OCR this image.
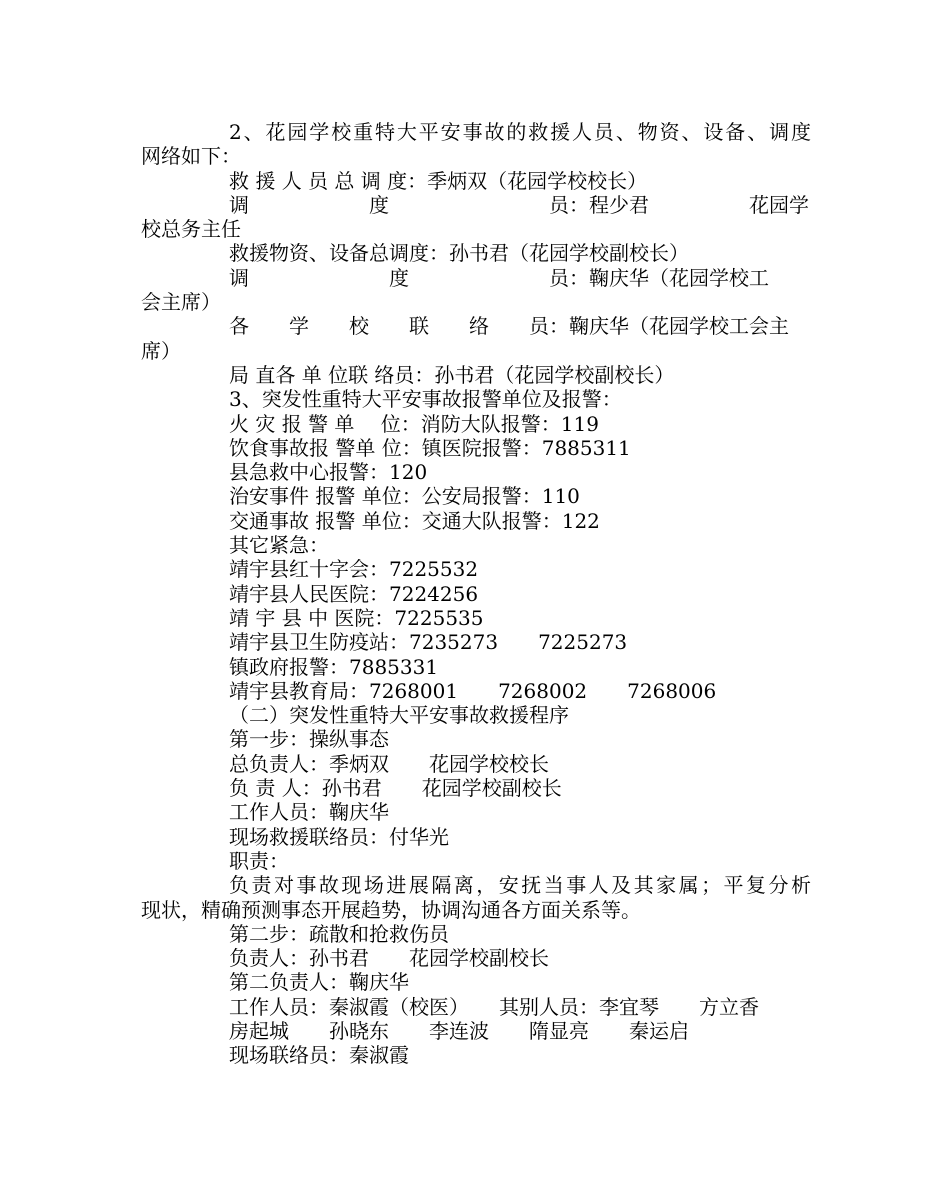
2、花园学校重特大平安事故的救援人员、物资、设备、调度
网络如下：
救 援 人 员 总 调 度：季炳双（花园学校校长）
调　　　　　　度　　　　　　　　员：程少君　　　　　花园学
校总务主任
救援物资、设备总调度：孙书君（花园学校副校长）
调　　　　　　　度　　　　　　　员：鞠庆华（花园学校工
会主席）
各　　学　　校　　联　　络　　员：鞠庆华（花园学校工会主
席）
局 直各 单 位联 络员：孙书君（花园学校副校长）
3、突发性重特大平安事故报警单位及报警：
火 灾 报 警 单　 位：消防大队报警：119
饮食事故报 警单 位：镇医院报警：7885311
县急救中心报警：120
治安事件 报警 单位：公安局报警：110
交通事故 报警 单位：交通大队报警：122
其它紧急：
靖宇县红十字会：7225532
靖宇县人民医院：7224256
靖 宇 县 中 医院：7225535
靖宇县卫生防疫站：7235273　　7225273
镇政府报警：7885331
靖宇县教育局：7268001　　7268002　　7268006
（二）突发性重特大平安事故救援程序
第一步：操纵事态
总负责人：季炳双　　花园学校校长
负 责 人：孙书君　　花园学校副校长
工作人员：鞠庆华
现场救援联络员：付华光
职责：
负责对事故现场进展隔离，安抚当事人及其家属；平复分析
现状，精确预测事态开展趋势，协调沟通各方面关系等。
第二步：疏散和抢救伤员
负责人：孙书君　　花园学校副校长
第二负责人：鞠庆华
工作人员：秦淑霞（校医）　　其别人员：李宜琴　　方立香
房起城　　孙晓东　　李连波　　隋显亮　　秦运启
现场联络员：秦淑霞
